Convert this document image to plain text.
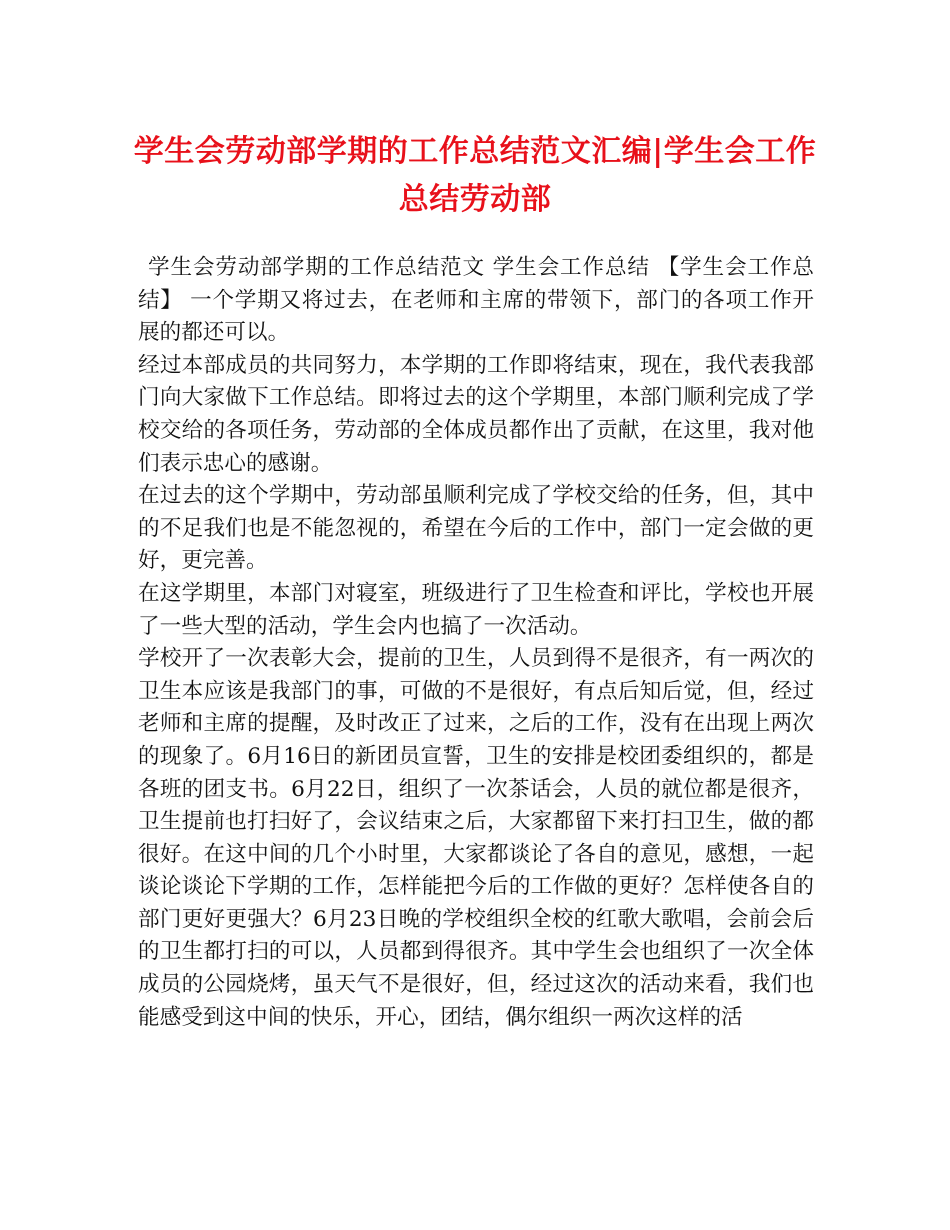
学生会劳动部学期的工作总结范文汇编|学生会工作总结劳动部

学生会劳动部学期的工作总结范文 学生会工作总结 【学生会工作总结】 一个学期又将过去，在老师和主席的带领下，部门的各项工作开展的都还可以。

经过本部成员的共同努力，本学期的工作即将结束，现在，我代表我部门向大家做下工作总结。即将过去的这个学期里，本部门顺利完成了学校交给的各项任务，劳动部的全体成员都作出了贡献，在这里，我对他们表示忠心的感谢。

在过去的这个学期中，劳动部虽顺利完成了学校交给的任务，但，其中的不足我们也是不能忽视的，希望在今后的工作中，部门一定会做的更好，更完善。

在这学期里，本部门对寝室，班级进行了卫生检查和评比，学校也开展了一些大型的活动，学生会内也搞了一次活动。

学校开了一次表彰大会，提前的卫生，人员到得不是很齐，有一两次的卫生本应该是我部门的事，可做的不是很好，有点后知后觉，但，经过老师和主席的提醒，及时改正了过来，之后的工作，没有在出现上两次的现象了。6月16日的新团员宣誓，卫生的安排是校团委组织的，都是各班的团支书。6月22日，组织了一次茶话会，人员的就位都是很齐，卫生提前也打扫好了，会议结束之后，大家都留下来打扫卫生，做的都很好。在这中间的几个小时里，大家都谈论了各自的意见，感想，一起谈论谈论下学期的工作，怎样能把今后的工作做的更好？怎样使各自的部门更好更强大？6月23日晚的学校组织全校的红歌大歌唱，会前会后的卫生都打扫的可以，人员都到得很齐。其中学生会也组织了一次全体成员的公园烧烤，虽天气不是很好，但，经过这次的活动来看，我们也能感受到这中间的快乐，开心，团结，偶尔组织一两次这样的活
